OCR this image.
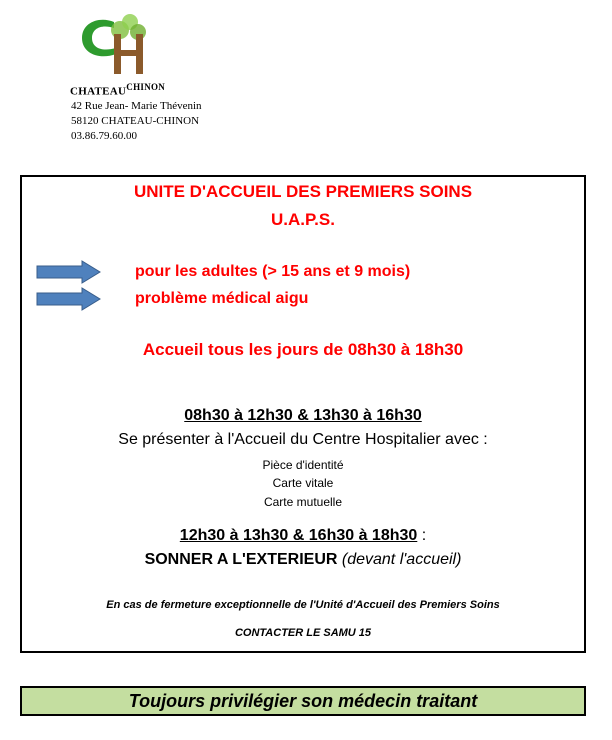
$CHATEAU^{CHINON}$
42 Rue Jean- Marie Thévenin
58120 CHATEAU-CHINON
03.86.79.60.00
UNITE D'ACCUEIL DES PREMIERS SOINS
U.A.P.S.
pour les adultes (> 15 ans et 9 mois)
problème médical aigu
Accueil tous les jours de 08h30 à 18h30
08h30 à 12h30 & 13h30 à 16h30
Se présenter à l'Accueil du Centre Hospitalier avec :
Pièce d'identité
Carte vitale
Carte mutuelle
12h30 à 13h30 & 16h30 à 18h30 :
SONNER A L'EXTERIEUR (devant l'accueil)
En cas de fermeture exceptionnelle de l'Unité d'Accueil des Premiers Soins
CONTACTER LE SAMU 15
Toujours privilégier son médecin traitant
